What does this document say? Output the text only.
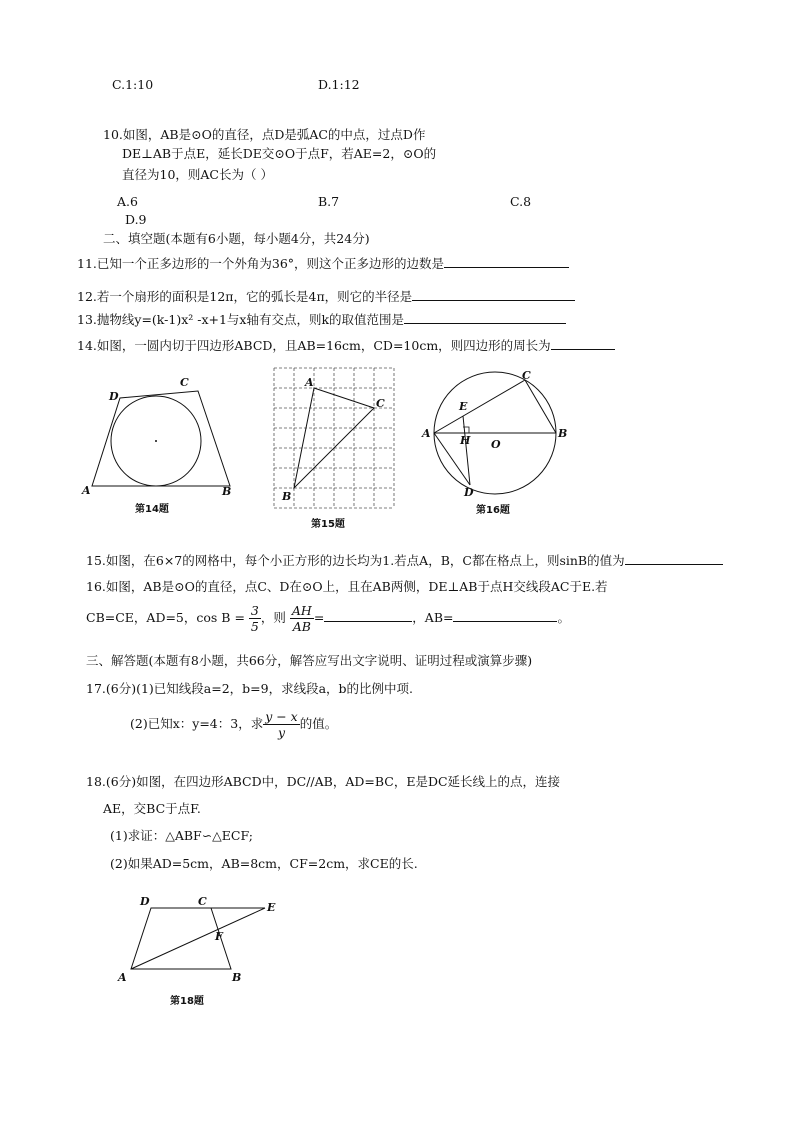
C.1:10	D.1:12
10.如图，AB是⊙O的直径，点D是弧AC的中点，过点D作
DE⊥AB于点E，延长DE交⊙O于点F，若AE=2，⊙O的
直径为10，则AC长为（ ）
A.6	B.7	C.8
D.9
二、填空题(本题有6小题，每小题4分，共24分)
11.已知一个正多边形的一个外角为36°，则这个正多边形的边数是
12.若一个扇形的面积是12π，它的弧长是4π，则它的半径是
13.抛物线y=(k-1)x² -x+1与x轴有交点，则k的取值范围是
14.如图，一圆内切于四边形ABCD，且AB=16cm，CD=10cm，则四边形的周长为
A	B
C
D
第14题
A
C
B
第15题
A	B
C
D
E
H O
第16题
15.如图，在6×7的网格中，每个小正方形的边长均为1.若点A，B，C都在格点上，则sinB的值为
16.如图，AB是⊙O的直径，点C、D在⊙O上，且在AB两侧，DE⊥AB于点H交线段AC于E.若
CB=CE，AD=5，$\cos B = \frac{3}{5}$ ，则 $\frac{AH}{AB}$ =	，AB=	。
三、解答题(本题有8小题，共66分，解答应写出文字说明、证明过程或演算步骤)
17.(6分)(1)已知线段a=2，b=9，求线段a，b的比例中项.
(2)已知x：y=4：3，求 $\frac{y - x}{y}$ 的值。
18.(6分)如图，在四边形ABCD中，DC//AB，AD=BC，E是DC延长线上的点，连接
AE，交BC于点F.
(1)求证：△ABF∽△ECF;
(2)如果AD=5cm，AB=8cm，CF=2cm，求CE的长.
A	B
C
D	E
F
第18题
